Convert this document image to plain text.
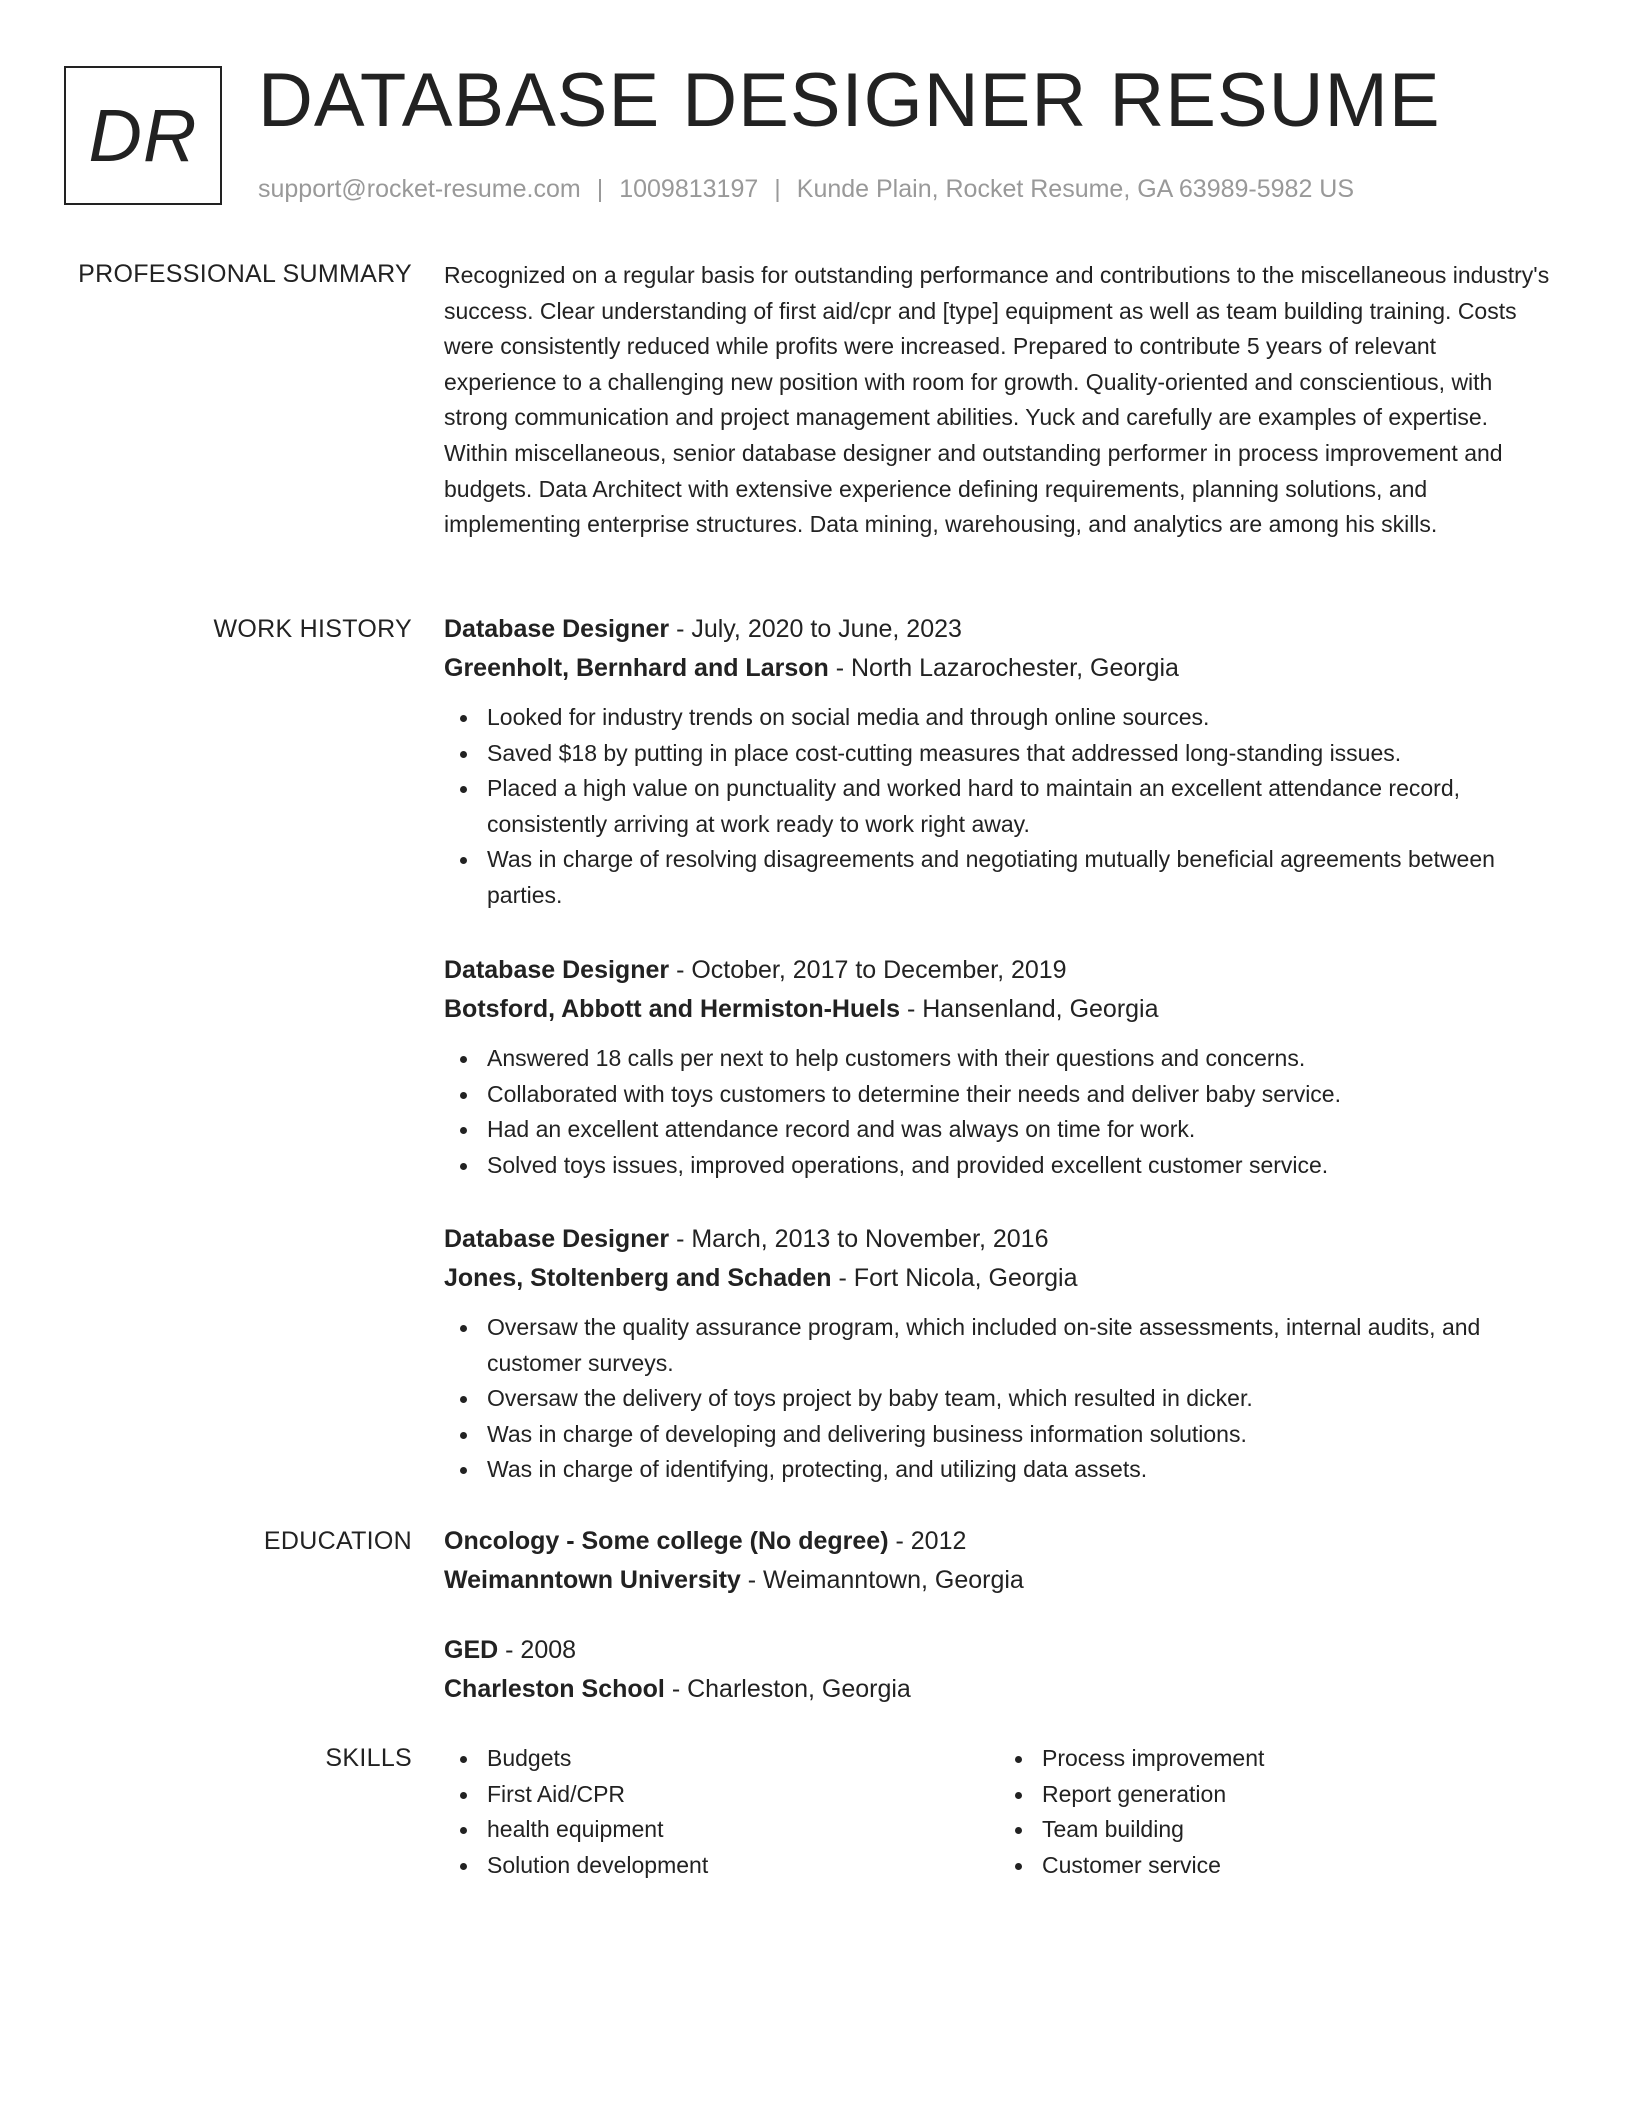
DR DATABASE DESIGNER RESUME
support@rocket-resume.com | 1009813197 | Kunde Plain, Rocket Resume, GA 63989-5982 US
PROFESSIONAL SUMMARY Recognized on a regular basis for outstanding performance and contributions to the miscellaneous industry's success. Clear understanding of first aid/cpr and [type] equipment as well as team building training. Costs were consistently reduced while profits were increased. Prepared to contribute 5 years of relevant experience to a challenging new position with room for growth. Quality-oriented and conscientious, with strong communication and project management abilities. Yuck and carefully are examples of expertise. Within miscellaneous, senior database designer and outstanding performer in process improvement and budgets. Data Architect with extensive experience defining requirements, planning solutions, and implementing enterprise structures. Data mining, warehousing, and analytics are among his skills.

WORK HISTORY Database Designer - July, 2020 to June, 2023
Greenholt, Bernhard and Larson - North Lazarochester, Georgia
Looked for industry trends on social media and through online sources.
Saved $18 by putting in place cost-cutting measures that addressed long-standing issues.
Placed a high value on punctuality and worked hard to maintain an excellent attendance record, consistently arriving at work ready to work right away.
Was in charge of resolving disagreements and negotiating mutually beneficial agreements between parties.
Database Designer - October, 2017 to December, 2019
Botsford, Abbott and Hermiston-Huels - Hansenland, Georgia
Answered 18 calls per next to help customers with their questions and concerns.
Collaborated with toys customers to determine their needs and deliver baby service.
Had an excellent attendance record and was always on time for work.
Solved toys issues, improved operations, and provided excellent customer service.
Database Designer - March, 2013 to November, 2016
Jones, Stoltenberg and Schaden - Fort Nicola, Georgia
Oversaw the quality assurance program, which included on-site assessments, internal audits, and customer surveys.
Oversaw the delivery of toys project by baby team, which resulted in dicker.
Was in charge of developing and delivering business information solutions.
Was in charge of identifying, protecting, and utilizing data assets.
EDUCATION Oncology - Some college (No degree) - 2012
Weimanntown University - Weimanntown, Georgia
GED - 2008
Charleston School - Charleston, Georgia
SKILLS	Budgets
First Aid/CPR
health equipment
Solution development
Process improvement
Report generation
Team building
Customer service
